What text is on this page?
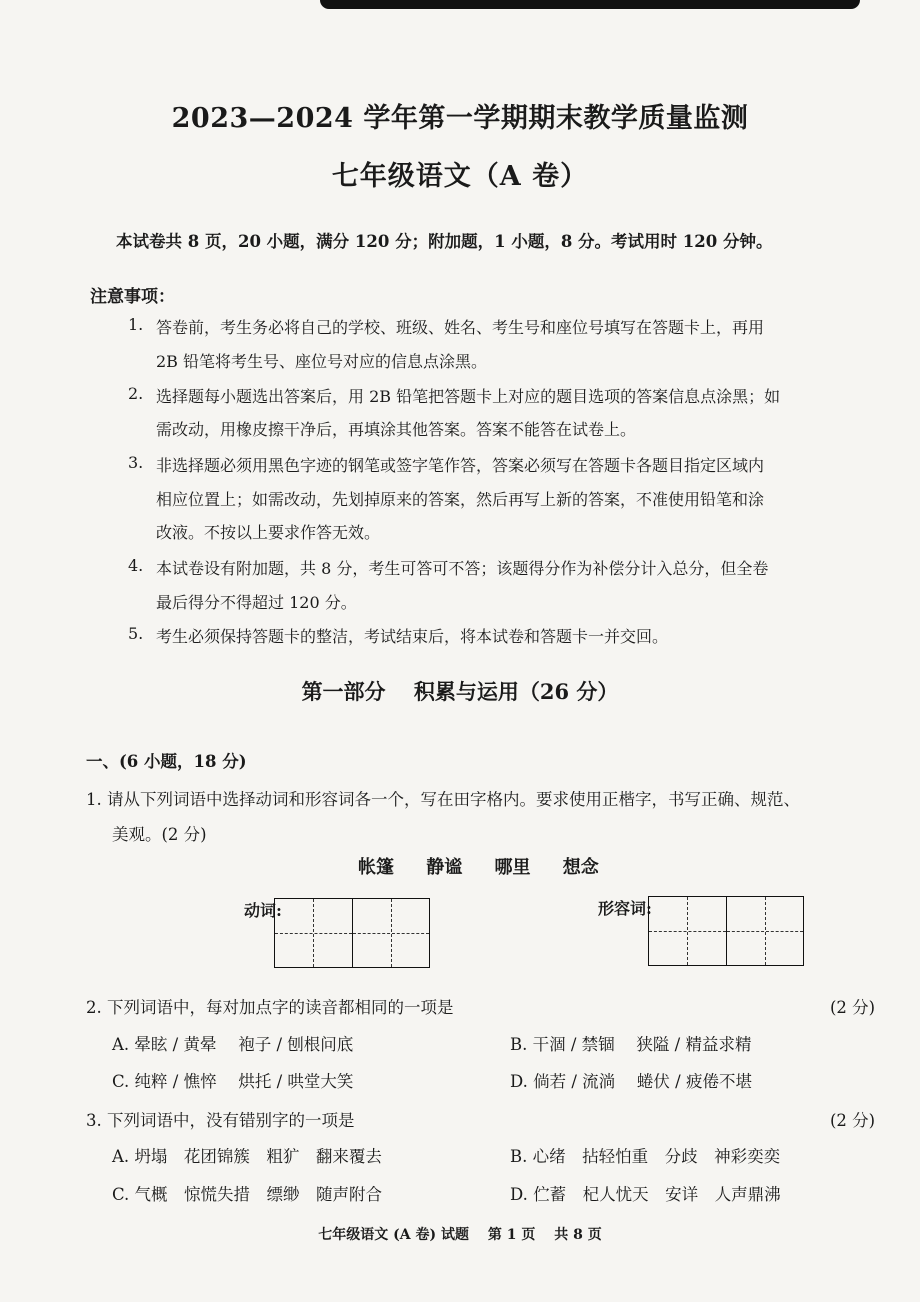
2023—2024 学年第一学期期末教学质量监测
七年级语文（A 卷）
本试卷共 8 页，20 小题，满分 120 分；附加题，1 小题，8 分。考试用时 120 分钟。
注意事项：
1. 答卷前，考生务必将自己的学校、班级、姓名、考生号和座位号填写在答题卡上，再用
2B 铅笔将考生号、座位号对应的信息点涂黑。
2. 选择题每小题选出答案后，用 2B 铅笔把答题卡上对应的题目选项的答案信息点涂黑；如
需改动，用橡皮擦干净后，再填涂其他答案。答案不能答在试卷上。
3. 非选择题必须用黑色字迹的钢笔或签字笔作答，答案必须写在答题卡各题目指定区域内
相应位置上；如需改动，先划掉原来的答案，然后再写上新的答案，不准使用铅笔和涂
改液。不按以上要求作答无效。
4. 本试卷设有附加题，共 8 分，考生可答可不答；该题得分作为补偿分计入总分，但全卷
最后得分不得超过 120 分。
5. 考生必须保持答题卡的整洁，考试结束后，将本试卷和答题卡一并交回。
第一部分　 积累与运用（26 分）
一、(6 小题，18 分)
1. 请从下列词语中选择动词和形容词各一个，写在田字格内。要求使用正楷字，书写正确、规范、
美观。(2 分)
帐篷 静谧 哪里 想念
动词:	形容词:
2. 下列词语中，每对加点字的读音都相同的一项是	(2 分)
A. 晕眩 / 黄晕　 袍子 / 刨根问底	B. 干涸 / 禁锢　 狭隘 / 精益求精
C. 纯粹 / 憔悴　 烘托 / 哄堂大笑	D. 倘若 / 流淌　 蜷伏 / 疲倦不堪
3. 下列词语中，没有错别字的一项是	(2 分)
A. 坍塌　花团锦簇　粗犷　翻来覆去	B. 心绪　拈轻怕重　分歧　神彩奕奕
C. 气概　惊慌失措　缥缈　随声附合	D. 伫蓄　杞人忧天　安详　人声鼎沸
七年级语文 (A 卷) 试题　 第 1 页　 共 8 页
